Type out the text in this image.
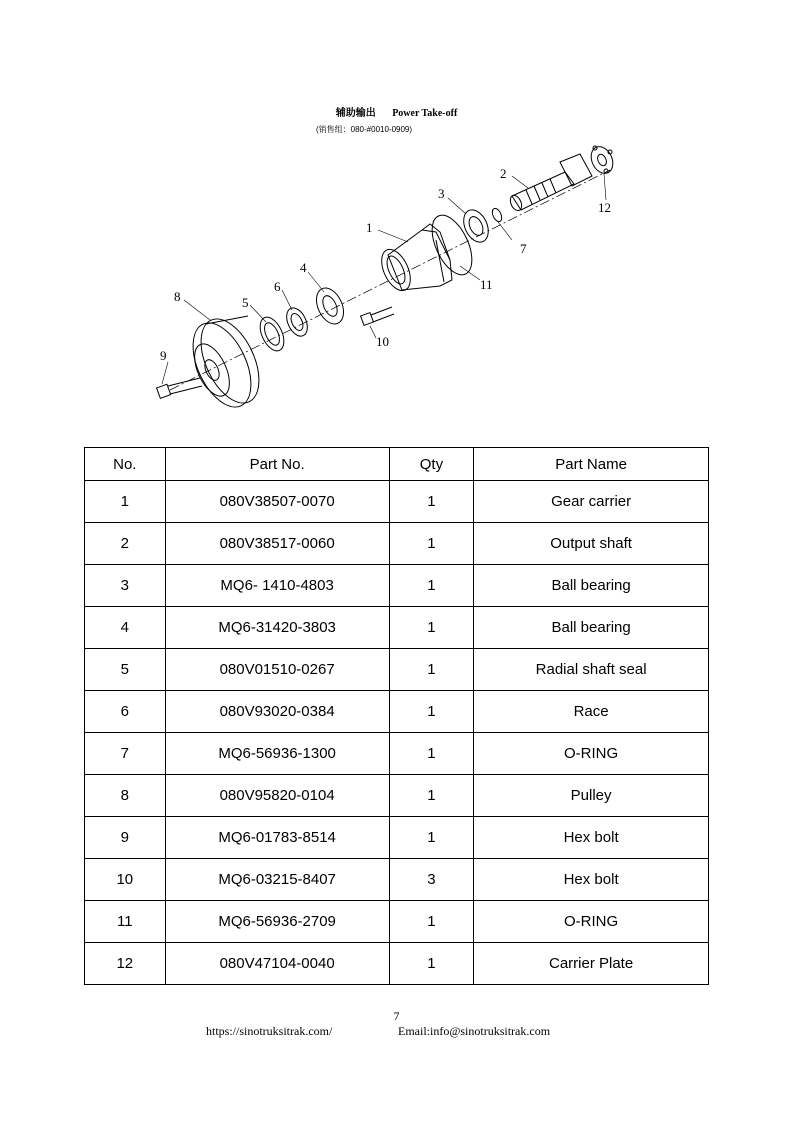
辅助输出 Power Take-off
(销售组：080-#0010-0909)
1
2
3
4
5
6
7
8
9
10
11
12
No.	Part No.	Qty	Part Name
1	080V38507-0070	1	Gear carrier
2	080V38517-0060	1	Output shaft
3	MQ6- 1410-4803	1	Ball bearing
4	MQ6-31420-3803	1	Ball bearing
5	080V01510-0267	1	Radial shaft seal
6	080V93020-0384	1	Race
7	MQ6-56936-1300	1	O-RING
8	080V95820-0104	1	Pulley
9	MQ6-01783-8514	1	Hex bolt
10	MQ6-03215-8407	3	Hex bolt
11	MQ6-56936-2709	1	O-RING
12	080V47104-0040	1	Carrier Plate
7
https://sinotruksitrak.com/	Email:info@sinotruksitrak.com
